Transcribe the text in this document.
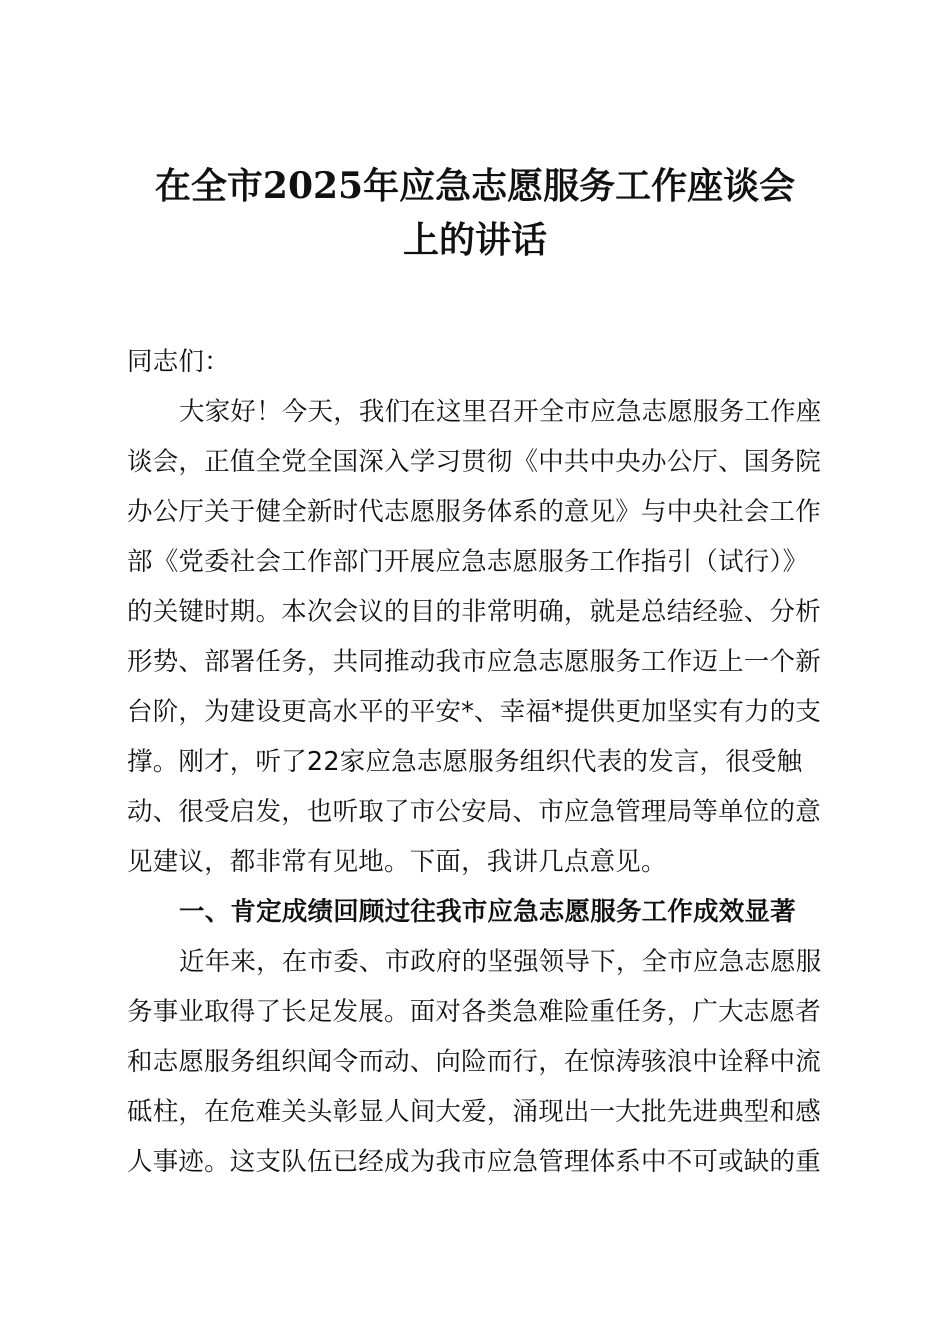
在全市2025年应急志愿服务工作座谈会
上的讲话
同志们：
大家好！今天，我们在这里召开全市应急志愿服务工作座
谈会，正值全党全国深入学习贯彻《中共中央办公厅、国务院
办公厅关于健全新时代志愿服务体系的意见》与中央社会工作
部《党委社会工作部门开展应急志愿服务工作指引（试行）》
的关键时期。本次会议的目的非常明确，就是总结经验、分析
形势、部署任务，共同推动我市应急志愿服务工作迈上一个新
台阶，为建设更高水平的平安*、幸福*提供更加坚实有力的支
撑。刚才，听了22家应急志愿服务组织代表的发言，很受触
动、很受启发，也听取了市公安局、市应急管理局等单位的意
见建议，都非常有见地。下面，我讲几点意见。
一、肯定成绩回顾过往我市应急志愿服务工作成效显著
近年来，在市委、市政府的坚强领导下，全市应急志愿服
务事业取得了长足发展。面对各类急难险重任务，广大志愿者
和志愿服务组织闻令而动、向险而行，在惊涛骇浪中诠释中流
砥柱，在危难关头彰显人间大爱，涌现出一大批先进典型和感
人事迹。这支队伍已经成为我市应急管理体系中不可或缺的重
